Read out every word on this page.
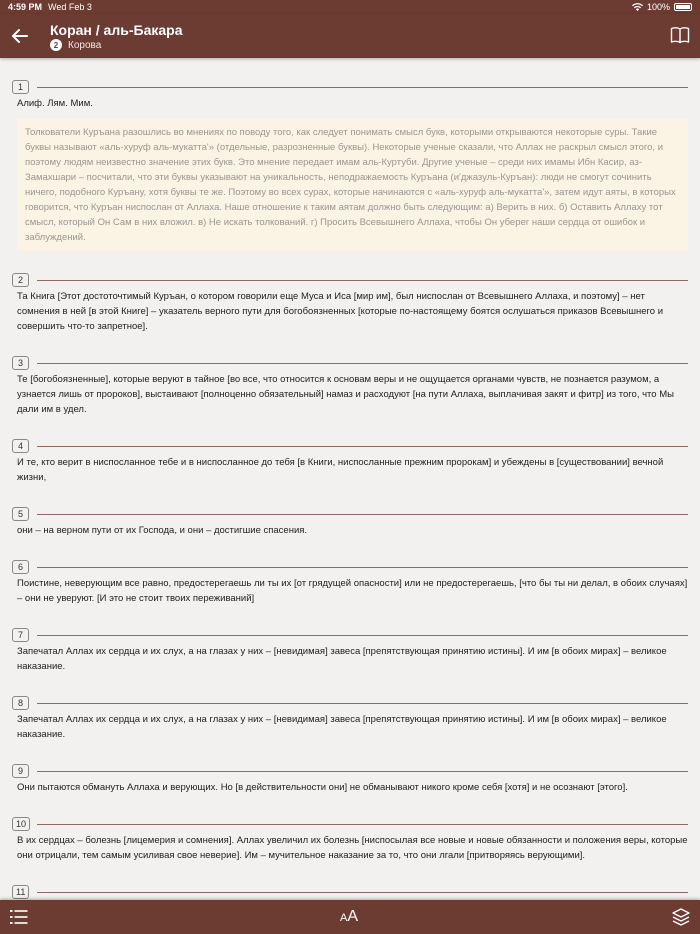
4:59 PM Wed Feb 3	100%
Коран / аль-Бакара
2 Корова
1
Алиф. Лям. Мим.
Толкователи Куръана разошлись во мнениях по поводу того, как следует понимать смысл букв, которыми открываются некоторые суры. Такие буквы называют «аль-хуруф аль-мукатта'» (отдельные, разрозненные буквы). Некоторые ученые сказали, что Аллах не раскрыл смысл этого, и поэтому людям неизвестно значение этих букв. Это мнение передает имам аль-Куртуби. Другие ученые – среди них имамы Ибн Касир, аз-Замахшари – посчитали, что эти буквы указывают на уникальность, неподражаемость Куръана (и'джазуль-Куръан): люди не смогут сочинить ничего, подобного Куръану, хотя буквы те же. Поэтому во всех сурах, которые начинаются с «аль-хуруф аль-мукатта'», затем идут аяты, в которых говорится, что Куръан ниспослан от Аллаха. Наше отношение к таким аятам должно быть следующим: а) Верить в них. б) Оставить Аллаху тот смысл, который Он Сам в них вложил. в) Не искать толкований. г) Просить Всевышнего Аллаха, чтобы Он уберег наши сердца от ошибок и заблуждений.
2
Та Книга [Этот достоточтимый Куръан, о котором говорили еще Муса и Иса [мир им], был ниспослан от Всевышнего Аллаха, и поэтому] – нет сомнения в ней [в этой Книге] – указатель верного пути для богобоязненных [которые по-настоящему боятся ослушаться приказов Всевышнего и совершить что-то запретное].
3
Те [богобоязненные], которые веруют в тайное [во все, что относится к основам веры и не ощущается органами чувств, не познается разумом, а узнается лишь от пророков], выстаивают [полноценно обязательный] намаз и расходуют [на пути Аллаха, выплачивая закят и фитр] из того, что Мы дали им в удел.
4
И те, кто верит в ниспосланное тебе и в ниспосланное до тебя [в Книги, ниспосланные прежним пророкам] и убеждены в [существовании] вечной жизни,
5
они – на верном пути от их Господа, и они – достигшие спасения.
6
Поистине, неверующим все равно, предостерегаешь ли ты их [от грядущей опасности] или не предостерегаешь, [что бы ты ни делал, в обоих случаях] – они не уверуют. [И это не стоит твоих переживаний]
7
Запечатал Аллах их сердца и их слух, а на глазах у них – [невидимая] завеса [препятствующая принятию истины]. И им [в обоих мирах] – великое наказание.
8
Запечатал Аллах их сердца и их слух, а на глазах у них – [невидимая] завеса [препятствующая принятию истины]. И им [в обоих мирах] – великое наказание.
9
Они пытаются обмануть Аллаха и верующих. Но [в действительности они] не обманывают никого кроме себя [хотя] и не осознают [этого].
10
В их сердцах – болезнь [лицемерия и сомнения]. Аллах увеличил их болезнь [ниспосылая все новые и новые обязанности и положения веры, которые они отрицали, тем самым усиливая свое неверие]. Им – мучительное наказание за то, что они лгали [притворяясь верующими].
11
AA
